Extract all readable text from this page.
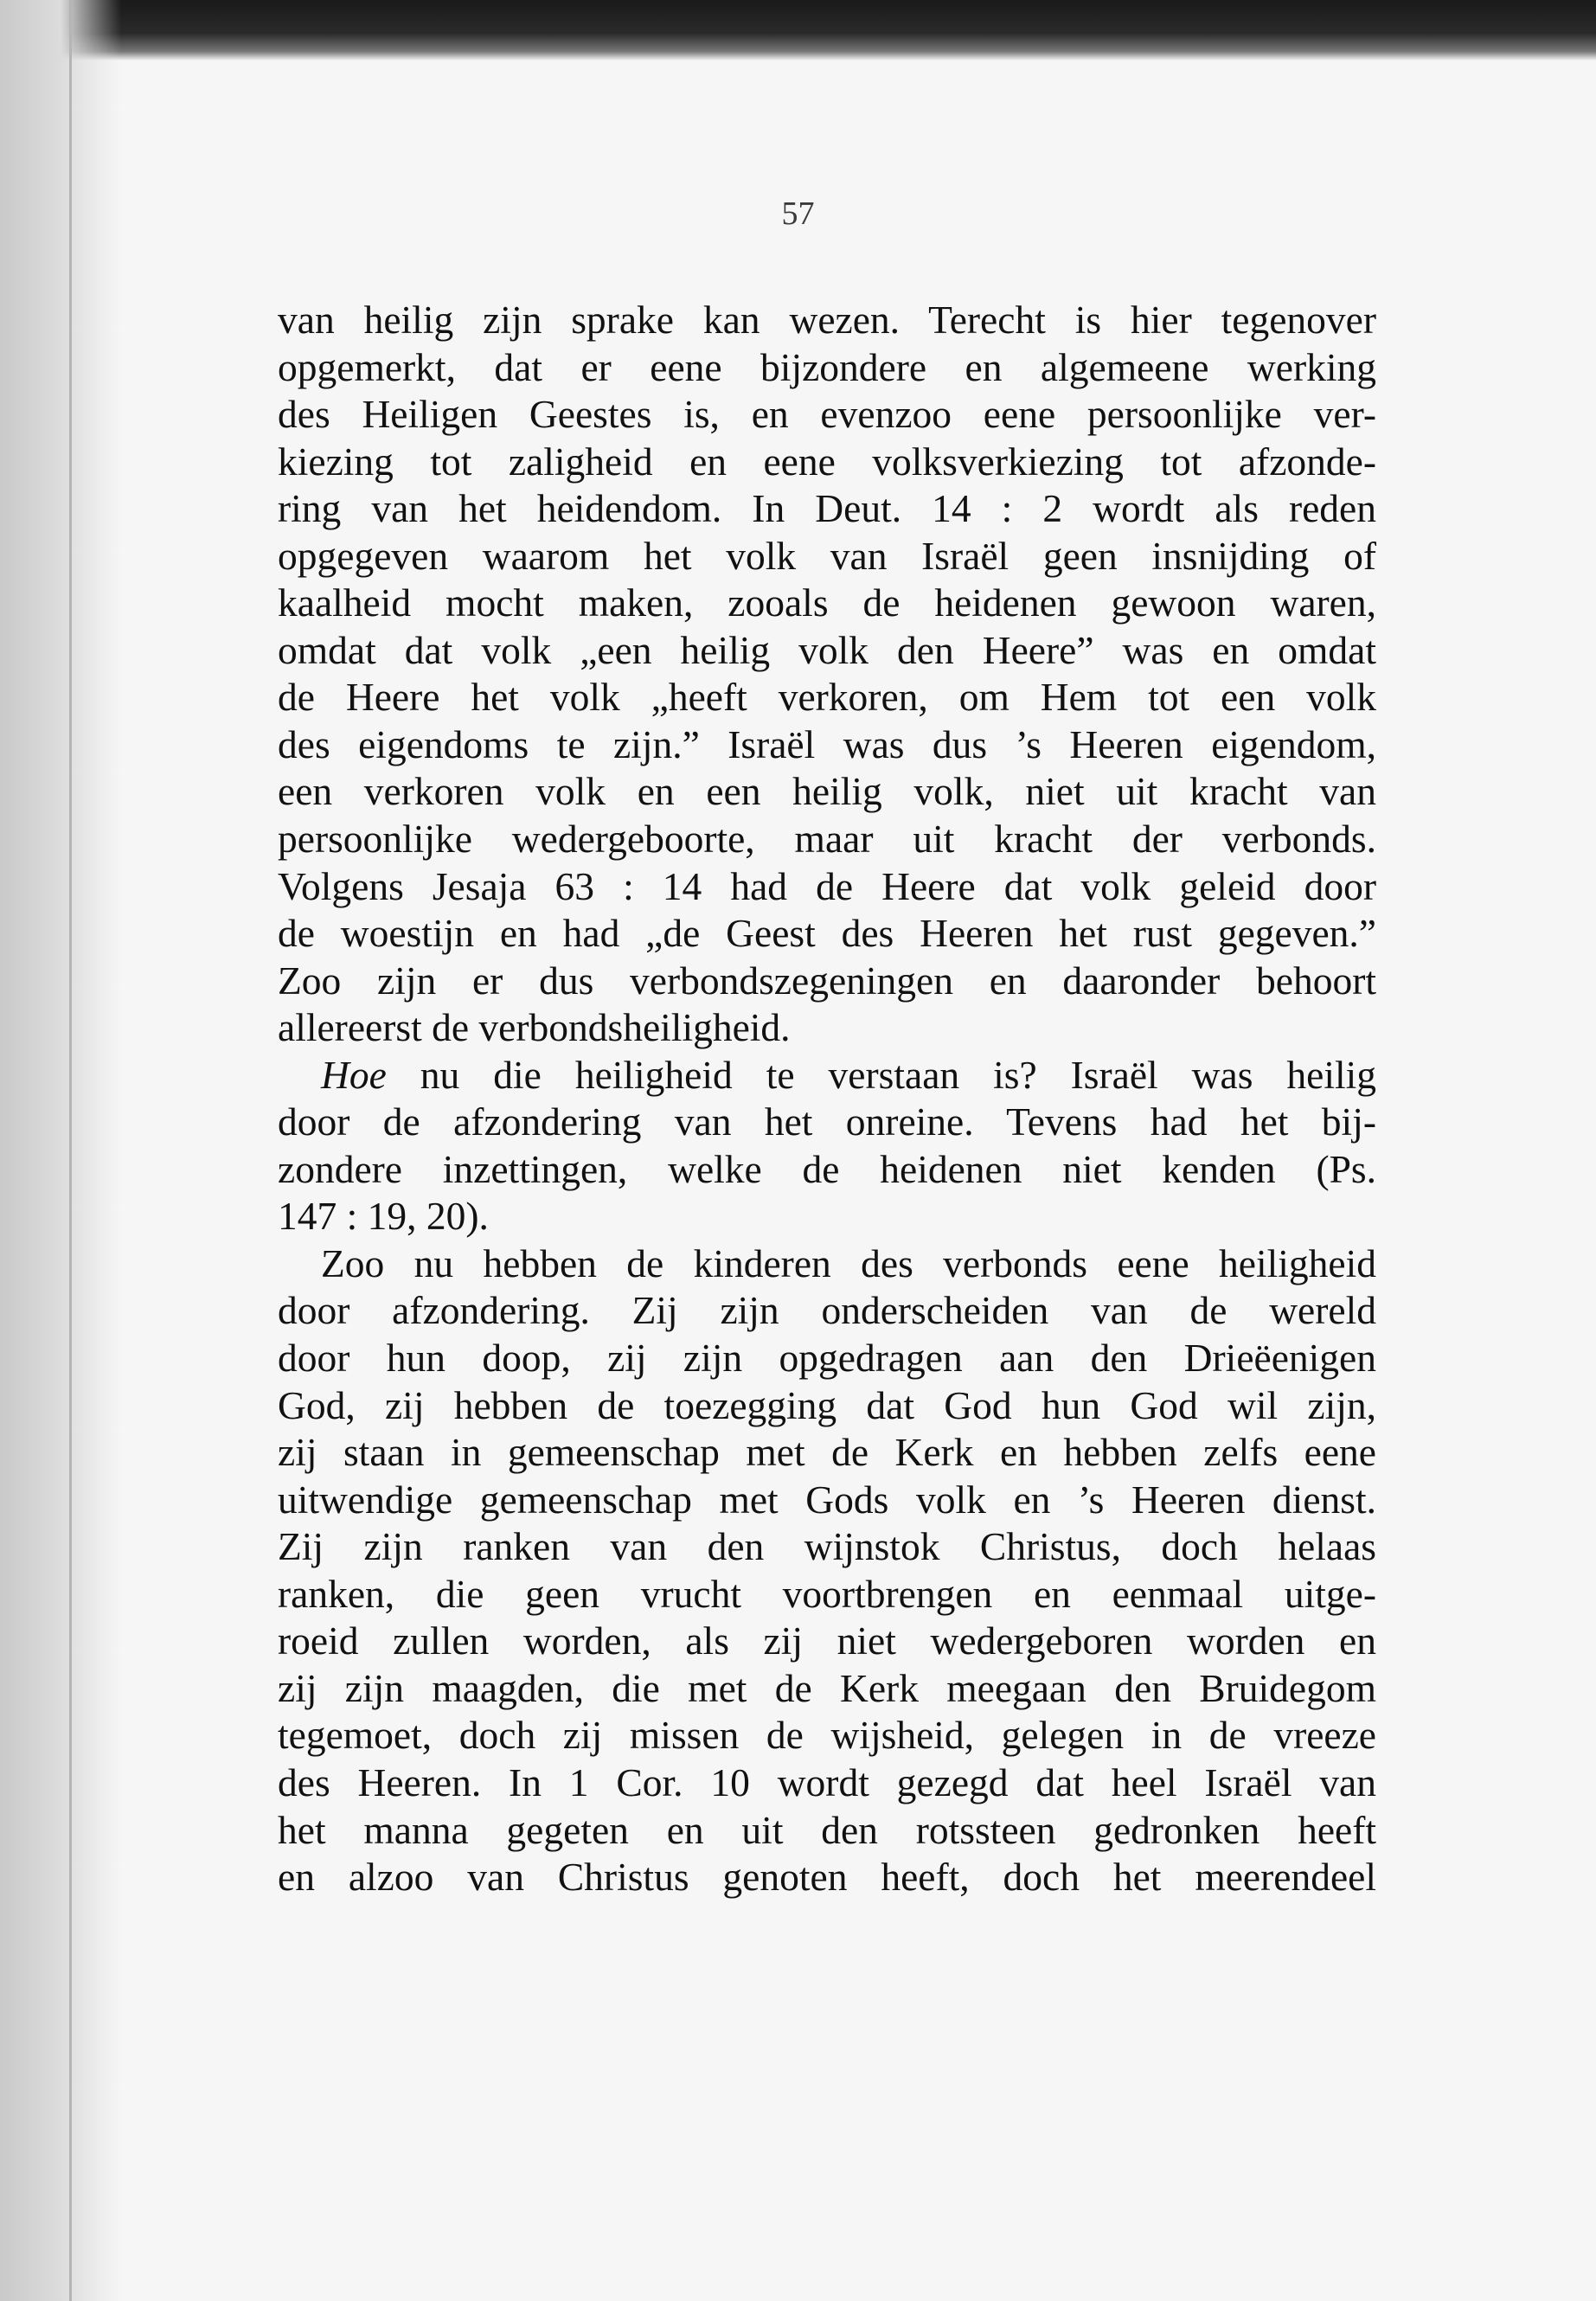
57
van heilig zijn sprake kan wezen. Terecht is hier tegenover
opgemerkt, dat er eene bijzondere en algemeene werking
des Heiligen Geestes is, en evenzoo eene persoonlijke ver-
kiezing tot zaligheid en eene volksverkiezing tot afzonde-
ring van het heidendom. In Deut. 14 : 2 wordt als reden
opgegeven waarom het volk van Israël geen insnijding of
kaalheid mocht maken, zooals de heidenen gewoon waren,
omdat dat volk „een heilig volk den Heere” was en omdat
de Heere het volk „heeft verkoren, om Hem tot een volk
des eigendoms te zijn.” Israël was dus ’s Heeren eigendom,
een verkoren volk en een heilig volk, niet uit kracht van
persoonlijke wedergeboorte, maar uit kracht der verbonds.
Volgens Jesaja 63 : 14 had de Heere dat volk geleid door
de woestijn en had „de Geest des Heeren het rust gegeven.”
Zoo zijn er dus verbondszegeningen en daaronder behoort
allereerst de verbondsheiligheid.
Hoe nu die heiligheid te verstaan is? Israël was heilig
door de afzondering van het onreine. Tevens had het bij-
zondere inzettingen, welke de heidenen niet kenden (Ps.
147 : 19, 20).
Zoo nu hebben de kinderen des verbonds eene heiligheid
door afzondering. Zij zijn onderscheiden van de wereld
door hun doop, zij zijn opgedragen aan den Drieëenigen
God, zij hebben de toezegging dat God hun God wil zijn,
zij staan in gemeenschap met de Kerk en hebben zelfs eene
uitwendige gemeenschap met Gods volk en ’s Heeren dienst.
Zij zijn ranken van den wijnstok Christus, doch helaas
ranken, die geen vrucht voortbrengen en eenmaal uitge-
roeid zullen worden, als zij niet wedergeboren worden en
zij zijn maagden, die met de Kerk meegaan den Bruidegom
tegemoet, doch zij missen de wijsheid, gelegen in de vreeze
des Heeren. In 1 Cor. 10 wordt gezegd dat heel Israël van
het manna gegeten en uit den rotssteen gedronken heeft
en alzoo van Christus genoten heeft, doch het meerendeel
